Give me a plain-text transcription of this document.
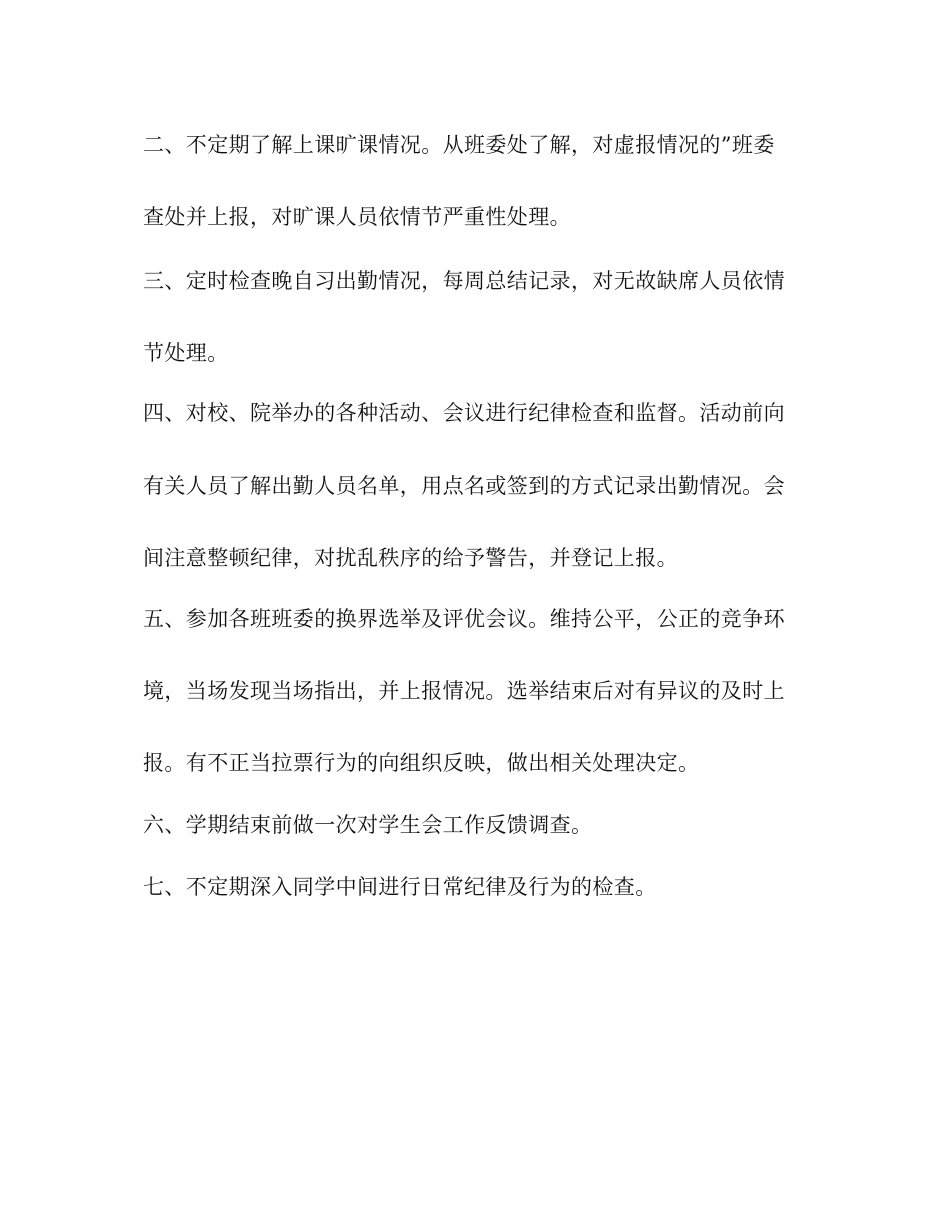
二、不定期了解上课旷课情况。从班委处了解，对虚报情况的”班委
查处并上报，对旷课人员依情节严重性处理。
三、定时检查晚自习出勤情况，每周总结记录，对无故缺席人员依情
节处理。
四、对校、院举办的各种活动、会议进行纪律检查和监督。活动前向
有关人员了解出勤人员名单，用点名或签到的方式记录出勤情况。会
间注意整顿纪律，对扰乱秩序的给予警告，并登记上报。
五、参加各班班委的换界选举及评优会议。维持公平，公正的竞争环
境，当场发现当场指出，并上报情况。选举结束后对有异议的及时上
报。有不正当拉票行为的向组织反映，做出相关处理决定。
六、学期结束前做一次对学生会工作反馈调查。
七、不定期深入同学中间进行日常纪律及行为的检查。
